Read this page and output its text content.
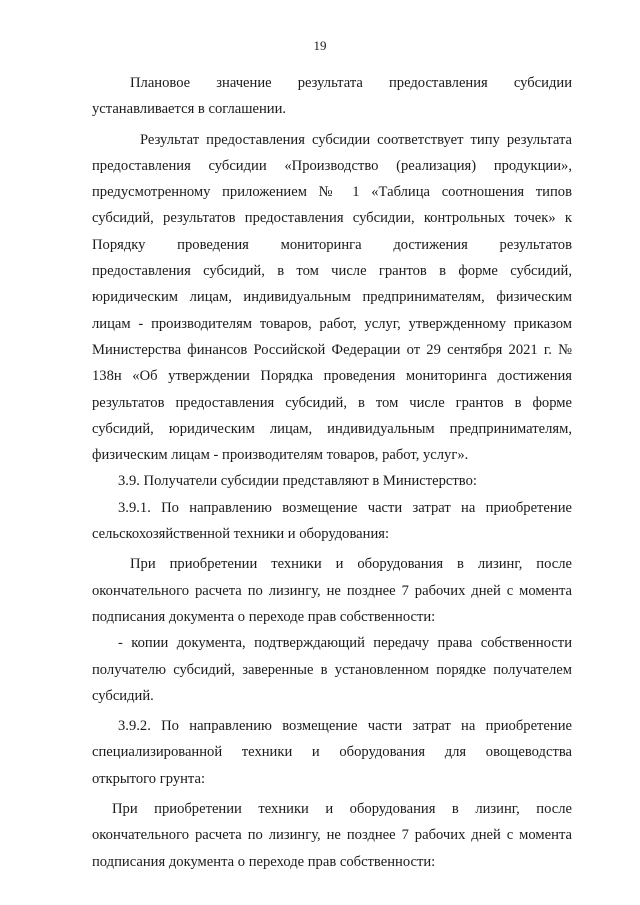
19
Плановое значение результата предоставления субсидии
устанавливается в соглашении.
Результат предоставления субсидии соответствует типу результата
предоставления субсидии «Производство (реализация) продукции»,
предусмотренному приложением № 1 «Таблица соотношения типов
субсидий, результатов предоставления субсидии, контрольных точек» к
Порядку проведения мониторинга достижения результатов
предоставления субсидий, в том числе грантов в форме субсидий,
юридическим лицам, индивидуальным предпринимателям, физическим
лицам - производителям товаров, работ, услуг, утвержденному приказом
Министерства финансов Российской Федерации от 29 сентября 2021 г. №
138н «Об утверждении Порядка проведения мониторинга достижения
результатов предоставления субсидий, в том числе грантов в форме
субсидий, юридическим лицам, индивидуальным предпринимателям,
физическим лицам - производителям товаров, работ, услуг».
3.9. Получатели субсидии представляют в Министерство:
3.9.1. По направлению возмещение части затрат на приобретение
сельскохозяйственной техники и оборудования:
При приобретении техники и оборудования в лизинг, после
окончательного расчета по лизингу, не позднее 7 рабочих дней с момента
подписания документа о переходе прав собственности:
- копии документа, подтверждающий передачу права собственности
получателю субсидий, заверенные в установленном порядке получателем
субсидий.
3.9.2. По направлению возмещение части затрат на приобретение
специализированной техники и оборудования для овощеводства
открытого грунта:
При приобретении техники и оборудования в лизинг, после
окончательного расчета по лизингу, не позднее 7 рабочих дней с момента
подписания документа о переходе прав собственности:
